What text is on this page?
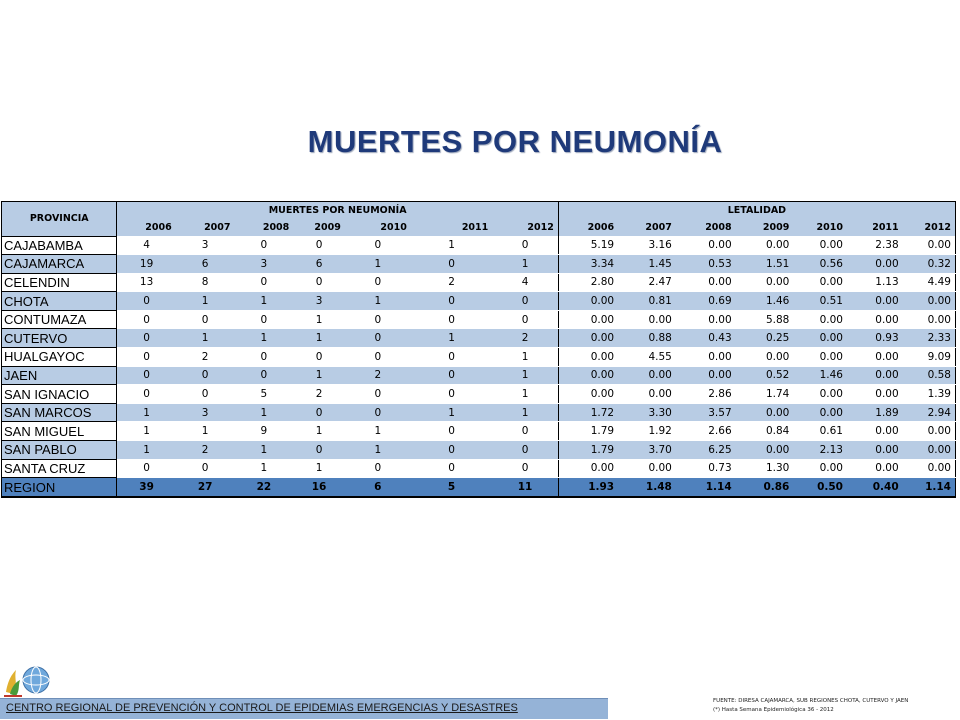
MUERTES POR NEUMONÍA
PROVINCIA	MUERTES POR NEUMONÍA							LETALIDAD						
	2006	2007	2008	2009	2010	2011	2012	2006	2007	2008	2009	2010	2011	2012
CAJABAMBA	4	3	0	0	0	1	0	5.19	3.16	0.00	0.00	0.00	2.38	0.00
CAJAMARCA	19	6	3	6	1	0	1	3.34	1.45	0.53	1.51	0.56	0.00	0.32
CELENDIN	13	8	0	0	0	2	4	2.80	2.47	0.00	0.00	0.00	1.13	4.49
CHOTA	0	1	1	3	1	0	0	0.00	0.81	0.69	1.46	0.51	0.00	0.00
CONTUMAZA	0	0	0	1	0	0	0	0.00	0.00	0.00	5.88	0.00	0.00	0.00
CUTERVO	0	1	1	1	0	1	2	0.00	0.88	0.43	0.25	0.00	0.93	2.33
HUALGAYOC	0	2	0	0	0	0	1	0.00	4.55	0.00	0.00	0.00	0.00	9.09
JAEN	0	0	0	1	2	0	1	0.00	0.00	0.00	0.52	1.46	0.00	0.58
SAN IGNACIO	0	0	5	2	0	0	1	0.00	0.00	2.86	1.74	0.00	0.00	1.39
SAN MARCOS	1	3	1	0	0	1	1	1.72	3.30	3.57	0.00	0.00	1.89	2.94
SAN MIGUEL	1	1	9	1	1	0	0	1.79	1.92	2.66	0.84	0.61	0.00	0.00
SAN PABLO	1	2	1	0	1	0	0	1.79	3.70	6.25	0.00	2.13	0.00	0.00
SANTA CRUZ	0	0	1	1	0	0	0	0.00	0.00	0.73	1.30	0.00	0.00	0.00
REGION	39	27	22	16	6	5	11	1.93	1.48	1.14	0.86	0.50	0.40	1.14
CENTRO REGIONAL DE PREVENCIÓN Y CONTROL DE EPIDEMIAS EMERGENCIAS Y DESASTRES
FUENTE: DIRESA CAJAMARCA, SUB REGIONES CHOTA, CUTERVO Y JAEN
(*) Hasta Semana Epidemiológica 36 - 2012
